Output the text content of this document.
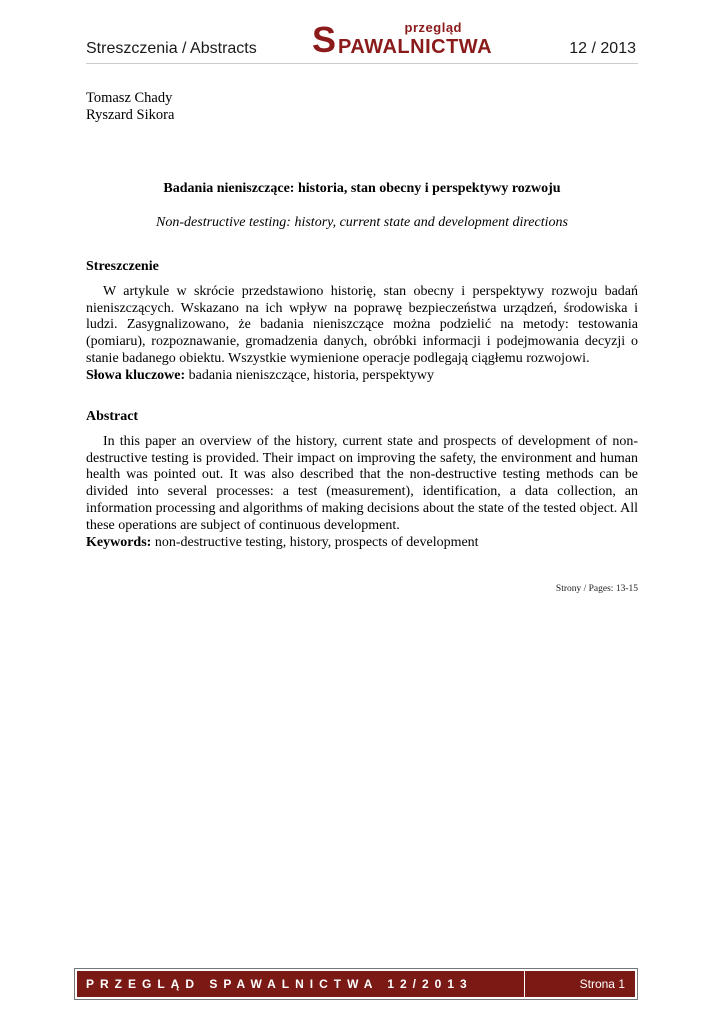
Streszczenia / Abstracts
przegląd
S PAWALNICTWA	12 / 2013
Tomasz Chady
Ryszard Sikora
Badania nieniszczące: historia, stan obecny i perspektywy rozwoju
Non-destructive testing: history, current state and development directions
Streszczenie

W artykule w skrócie przedstawiono historię, stan obecny i perspektywy rozwoju badań nieniszczących. Wskazano na ich wpływ na poprawę bezpieczeństwa urządzeń, środowiska i ludzi. Zasygnalizowano, że badania nieniszczące można podzielić na metody: testowania (pomiaru), rozpoznawanie, gromadzenia danych, obróbki informacji i podejmowania decyzji o stanie badanego obiektu. Wszystkie wymienione operacje podlegają ciągłemu rozwojowi.

Słowa kluczowe: badania nieniszczące, historia, perspektywy
Abstract

In this paper an overview of the history, current state and prospects of development of non-destructive testing is provided. Their impact on improving the safety, the environment and human health was pointed out. It was also described that the non-destructive testing methods can be divided into several processes: a test (measurement), identification, a data collection, an information processing and algorithms of making decisions about the state of the tested object. All these operations are subject of continuous development.

Keywords: non-destructive testing, history, prospects of development
Strony / Pages: 13-15
PRZEGLĄD SPAWALNICTWA 12/2013	Strona 1
